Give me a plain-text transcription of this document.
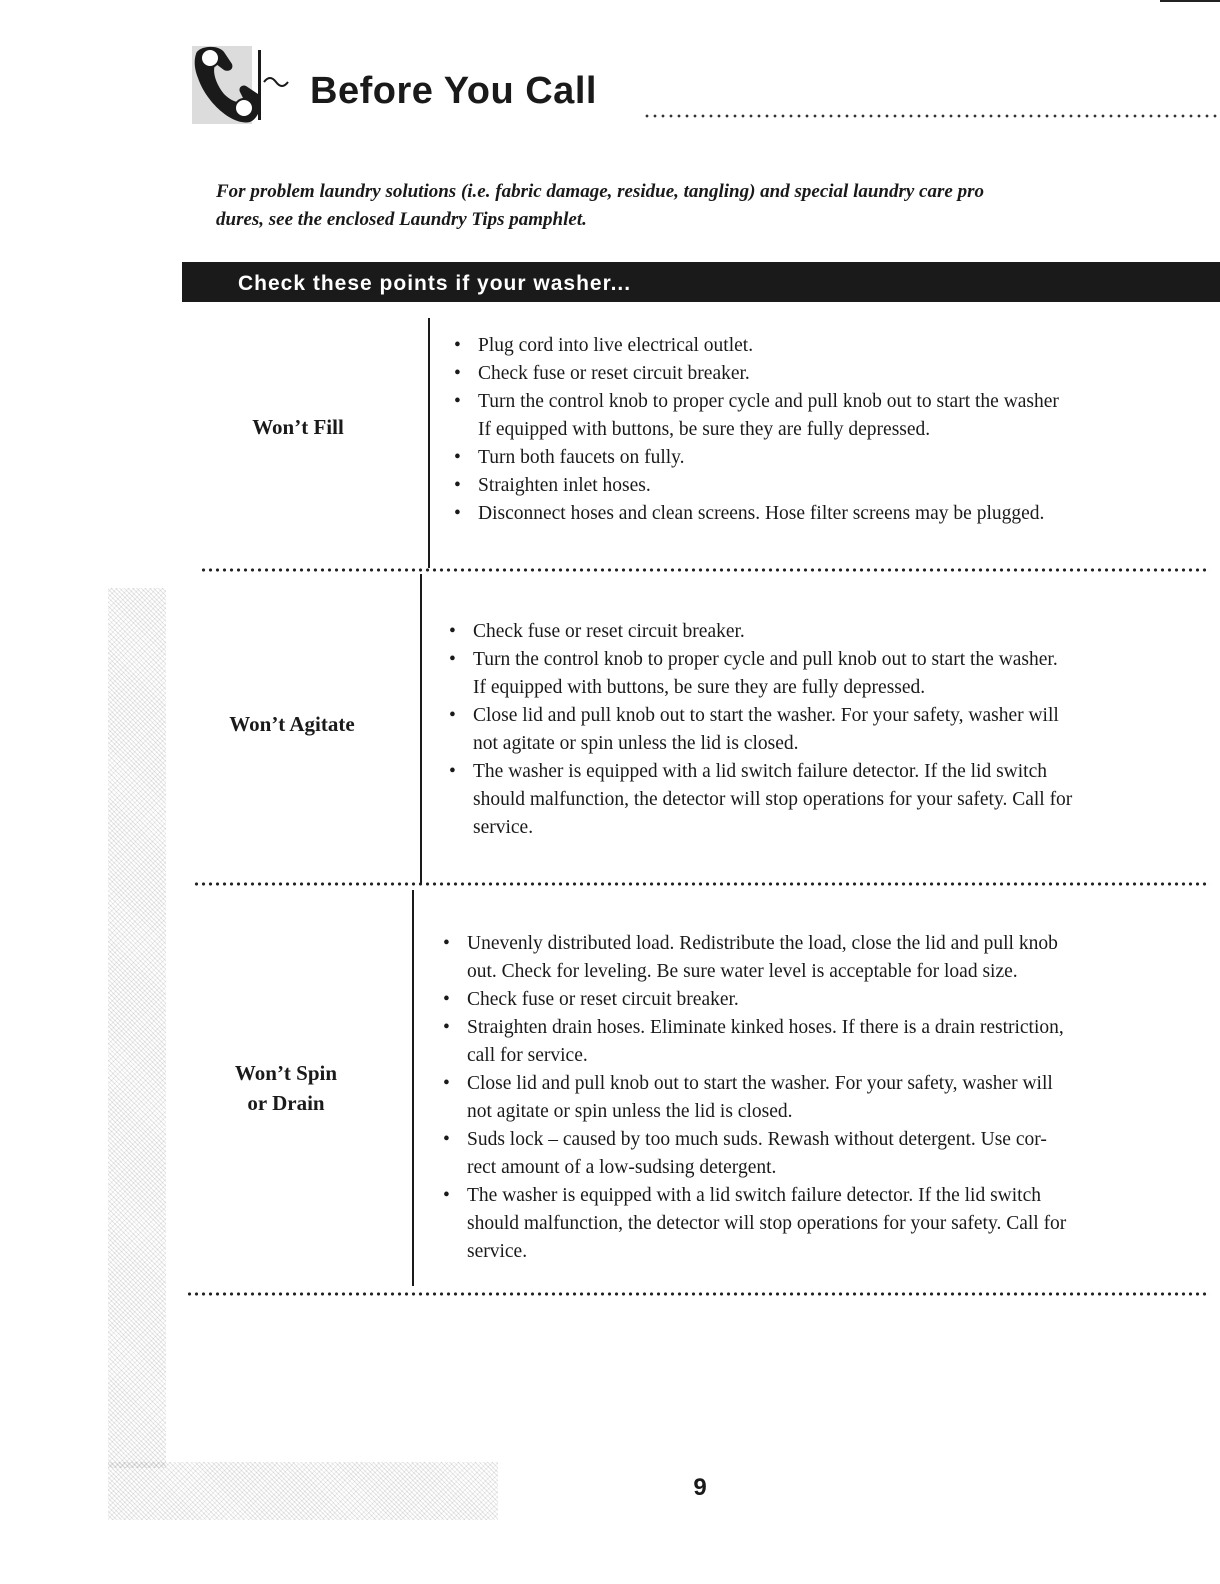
Before You Call
For problem laundry solutions (i.e. fabric damage, residue, tangling) and special laundry care pro
dures, see the enclosed Laundry Tips pamphlet.
Check these points if your washer...
Won’t Fill
• Plug cord into live electrical outlet.
• Check fuse or reset circuit breaker.
• Turn the control knob to proper cycle and pull knob out to start the washer
If equipped with buttons, be sure they are fully depressed.
• Turn both faucets on fully.
• Straighten inlet hoses.
• Disconnect hoses and clean screens. Hose filter screens may be plugged.
Won’t Agitate
• Check fuse or reset circuit breaker.
• Turn the control knob to proper cycle and pull knob out to start the washer.
If equipped with buttons, be sure they are fully depressed.
• Close lid and pull knob out to start the washer. For your safety, washer will
not agitate or spin unless the lid is closed.
• The washer is equipped with a lid switch failure detector. If the lid switch
should malfunction, the detector will stop operations for your safety. Call for
service.
Won’t Spin
or Drain
• Unevenly distributed load. Redistribute the load, close the lid and pull knob
out. Check for leveling. Be sure water level is acceptable for load size.
• Check fuse or reset circuit breaker.
• Straighten drain hoses. Eliminate kinked hoses. If there is a drain restriction,
call for service.
• Close lid and pull knob out to start the washer. For your safety, washer will
not agitate or spin unless the lid is closed.
• Suds lock – caused by too much suds. Rewash without detergent. Use cor-
rect amount of a low-sudsing detergent.
• The washer is equipped with a lid switch failure detector. If the lid switch
should malfunction, the detector will stop operations for your safety. Call for
service.
9
